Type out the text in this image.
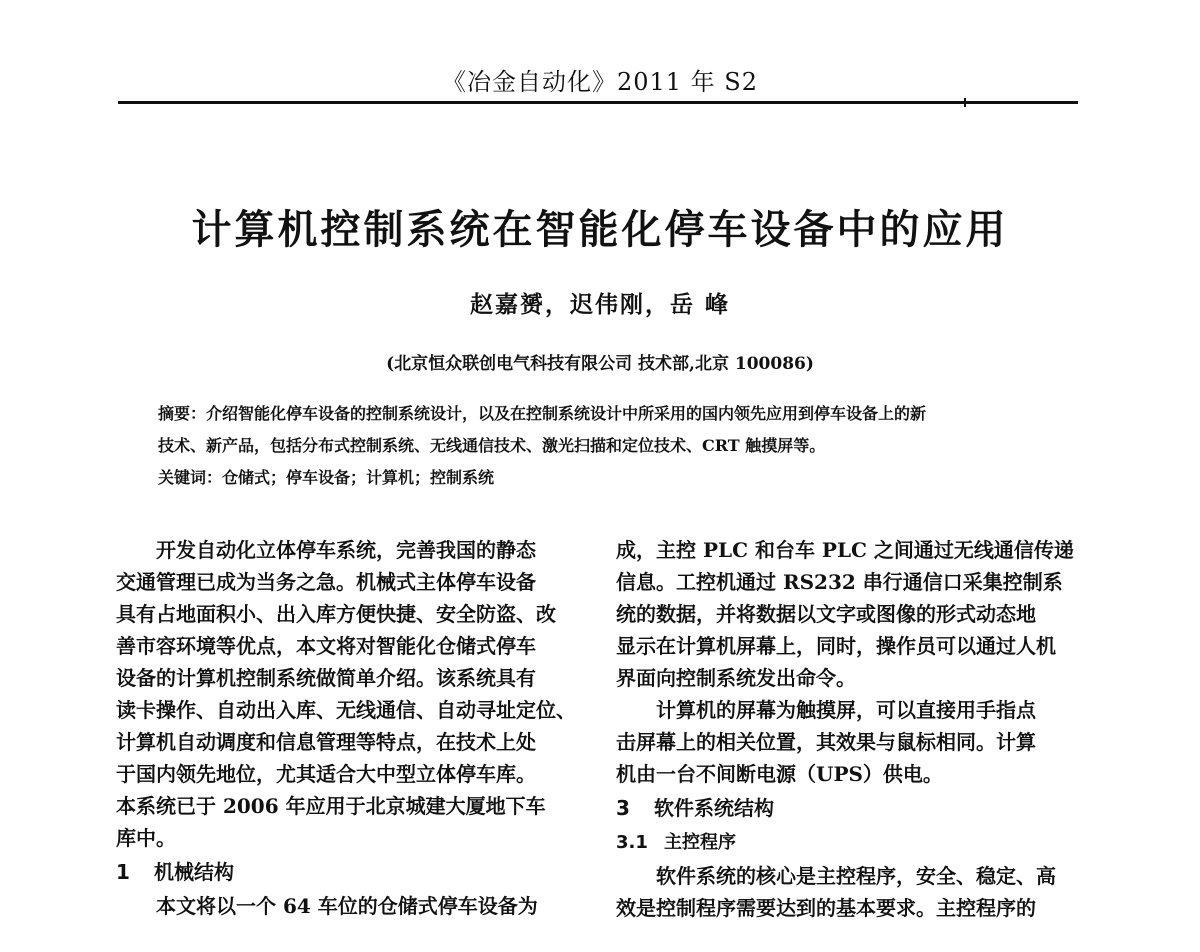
《冶金自动化》2011 年 S2
计算机控制系统在智能化停车设备中的应用
赵嘉赟，迟伟刚，岳 峰
(北京恒众联创电气科技有限公司 技术部,北京 100086)

摘要：介绍智能化停车设备的控制系统设计，以及在控制系统设计中所采用的国内领先应用到停车设备上的新

技术、新产品，包括分布式控制系统、无线通信技术、激光扫描和定位技术、CRT 触摸屏等。

关键词：仓储式；停车设备；计算机；控制系统

开发自动化立体停车系统，完善我国的静态

交通管理已成为当务之急。机械式主体停车设备

具有占地面积小、出入库方便快捷、安全防盗、改

善市容环境等优点，本文将对智能化仓储式停车

设备的计算机控制系统做简单介绍。该系统具有

读卡操作、自动出入库、无线通信、自动寻址定位、

计算机自动调度和信息管理等特点，在技术上处

于国内领先地位，尤其适合大中型立体停车库。

本系统已于 2006 年应用于北京城建大厦地下车

库中。

1 机械结构

本文将以一个 64 车位的仓储式停车设备为

成，主控 PLC 和台车 PLC 之间通过无线通信传递

信息。工控机通过 RS232 串行通信口采集控制系

统的数据，并将数据以文字或图像的形式动态地

显示在计算机屏幕上，同时，操作员可以通过人机

界面向控制系统发出命令。

计算机的屏幕为触摸屏，可以直接用手指点

击屏幕上的相关位置，其效果与鼠标相同。计算

机由一台不间断电源（UPS）供电。

3 软件系统结构
3.1 主控程序

软件系统的核心是主控程序，安全、稳定、高

效是控制程序需要达到的基本要求。主控程序的
